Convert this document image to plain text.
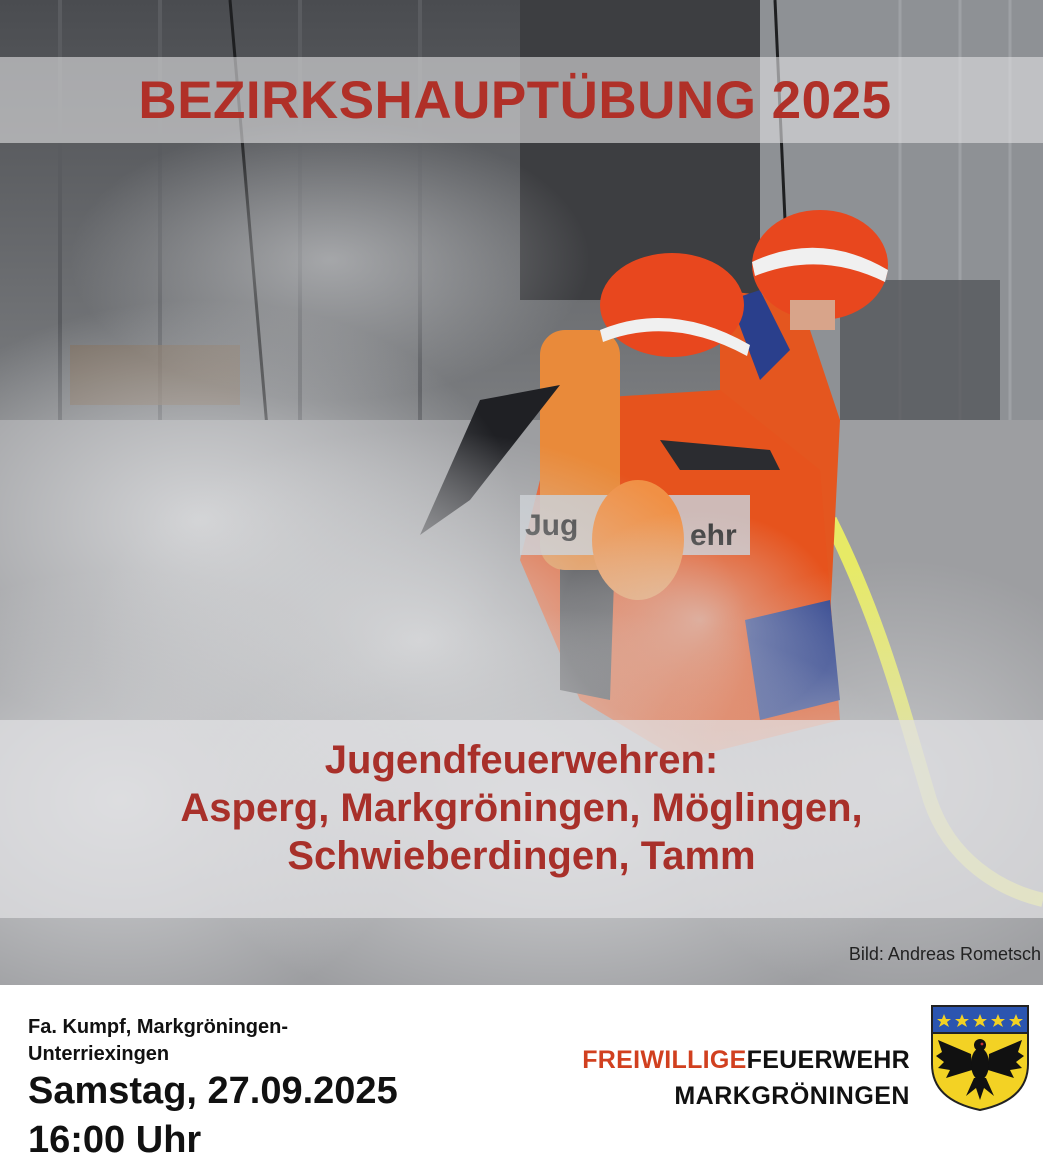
BEZIRKSHAUPTÜBUNG 2025
Jugendfeuerwehren:
Asperg, Markgröningen, Möglingen,
Schwieberdingen, Tamm
Bild: Andreas Rometsch
Fa. Kumpf, Markgröningen-
Unterriexingen
Samstag, 27.09.2025
16:00 Uhr
FREIWILLIGEFEUERWEHR
MARKGRÖNINGEN
